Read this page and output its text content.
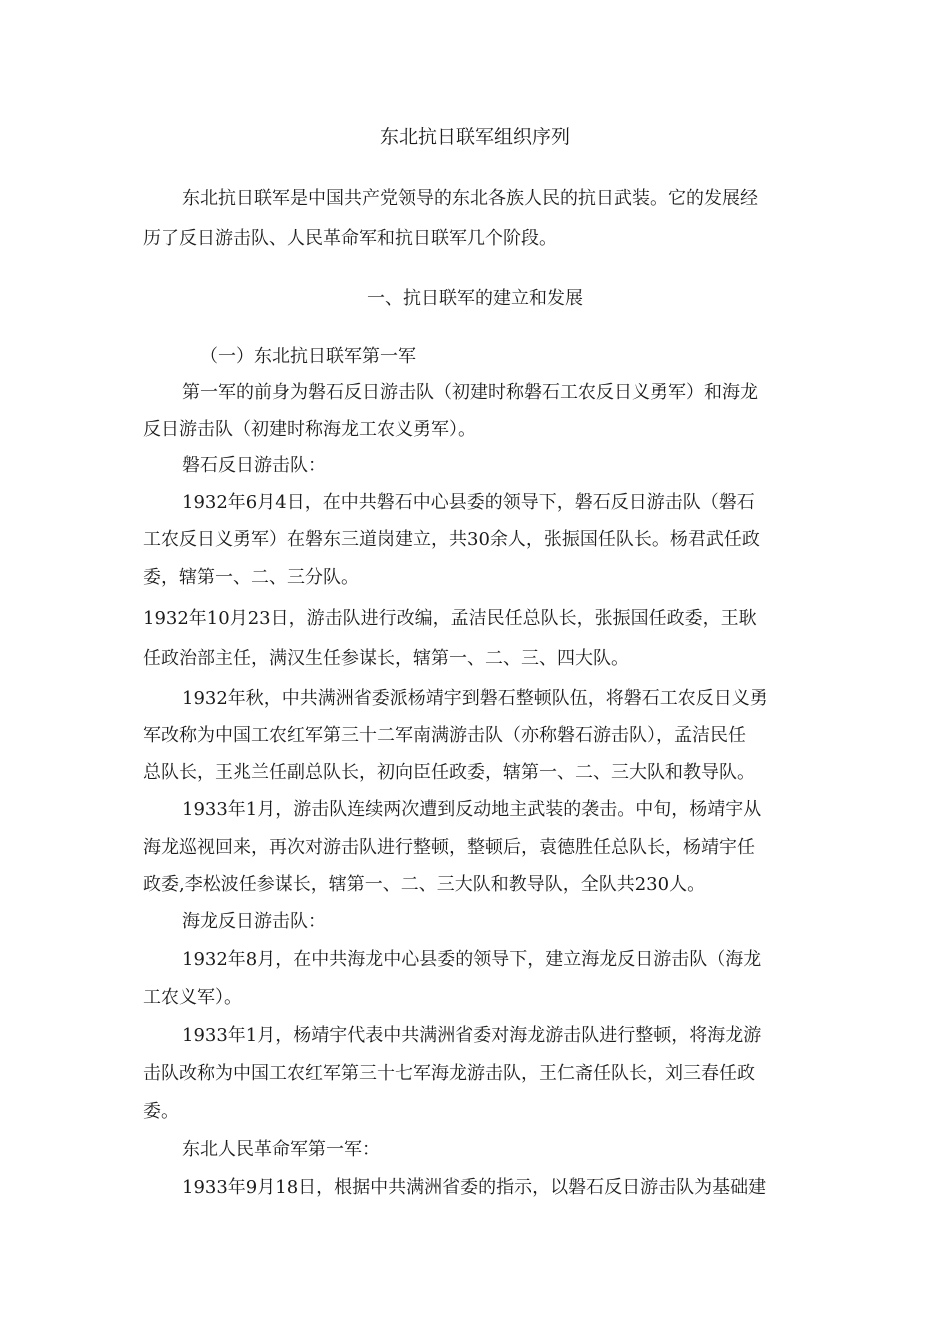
东北抗日联军组织序列
东北抗日联军是中国共产党领导的东北各族人民的抗日武装。它的发展经
历了反日游击队、人民革命军和抗日联军几个阶段。
一、抗日联军的建立和发展
（一）东北抗日联军第一军
第一军的前身为磐石反日游击队（初建时称磐石工农反日义勇军）和海龙
反日游击队（初建时称海龙工农义勇军）。
磐石反日游击队：
1932年6月4日，在中共磐石中心县委的领导下，磐石反日游击队（磐石
工农反日义勇军）在磐东三道岗建立，共30余人，张振国任队长。杨君武任政
委，辖第一、二、三分队。
1932年10月23日，游击队进行改编，孟洁民任总队长，张振国任政委，王耿
任政治部主任，满汉生任参谋长，辖第一、二、三、四大队。
1932年秋，中共满洲省委派杨靖宇到磐石整顿队伍，将磐石工农反日义勇
军改称为中国工农红军第三十二军南满游击队（亦称磐石游击队），孟洁民任
总队长，王兆兰任副总队长，初向臣任政委，辖第一、二、三大队和教导队。
1933年1月，游击队连续两次遭到反动地主武装的袭击。中旬，杨靖宇从
海龙巡视回来，再次对游击队进行整顿，整顿后，袁德胜任总队长，杨靖宇任
政委,李松波任参谋长，辖第一、二、三大队和教导队，全队共230人。
海龙反日游击队：
1932年8月，在中共海龙中心县委的领导下，建立海龙反日游击队（海龙
工农义军）。
1933年1月，杨靖宇代表中共满洲省委对海龙游击队进行整顿，将海龙游
击队改称为中国工农红军第三十七军海龙游击队，王仁斋任队长，刘三春任政
委。
东北人民革命军第一军：
1933年9月18日，根据中共满洲省委的指示，以磐石反日游击队为基础建
